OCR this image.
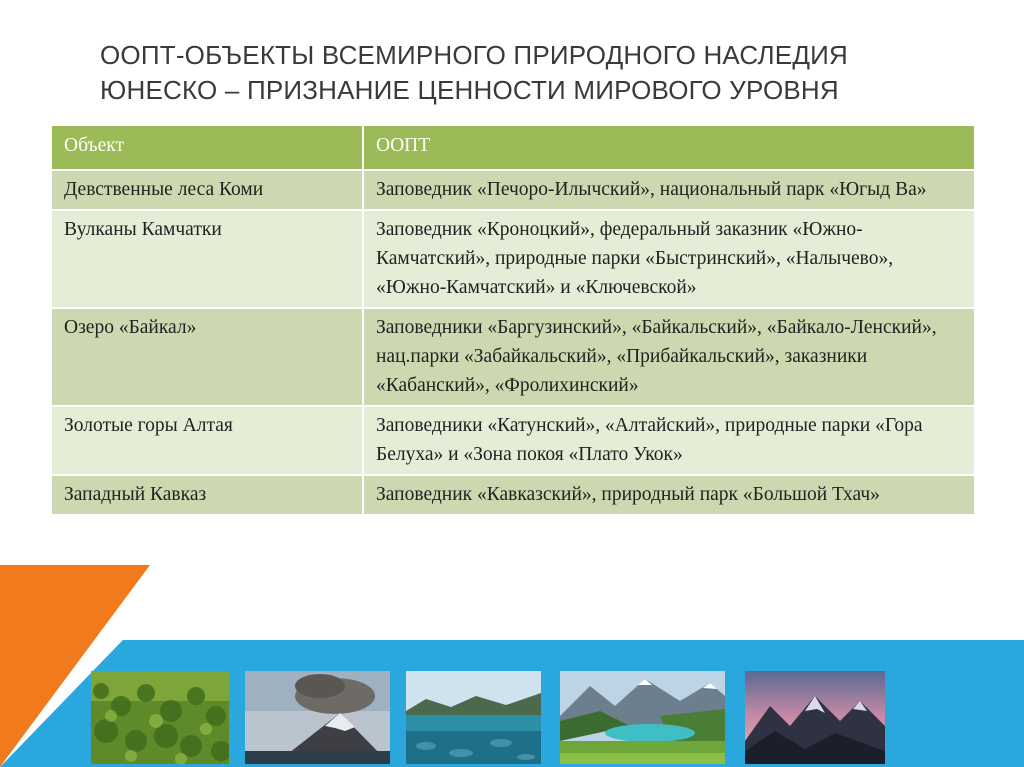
ООПТ-ОБЪЕКТЫ ВСЕМИРНОГО ПРИРОДНОГО НАСЛЕДИЯ
ЮНЕСКО – ПРИЗНАНИЕ ЦЕННОСТИ МИРОВОГО УРОВНЯ
Объект	ООПТ
Девственные леса Коми	Заповедник «Печоро-Илычский», национальный парк «Югыд Ва»
Вулканы Камчатки	Заповедник «Кроноцкий», федеральный заказник «Южно-Камчатский», природные парки «Быстринский», «Налычево», «Южно-Камчатский» и «Ключевской»
Озеро «Байкал»	Заповедники «Баргузинский», «Байкальский», «Байкало-Ленский», нац.парки «Забайкальский», «Прибайкальский», заказники «Кабанский», «Фролихинский»
Золотые горы Алтая	Заповедники «Катунский», «Алтайский», природные парки «Гора Белуха» и «Зона покоя «Плато Укок»
Западный Кавказ	Заповедник «Кавказский», природный парк «Большой Тхач»
